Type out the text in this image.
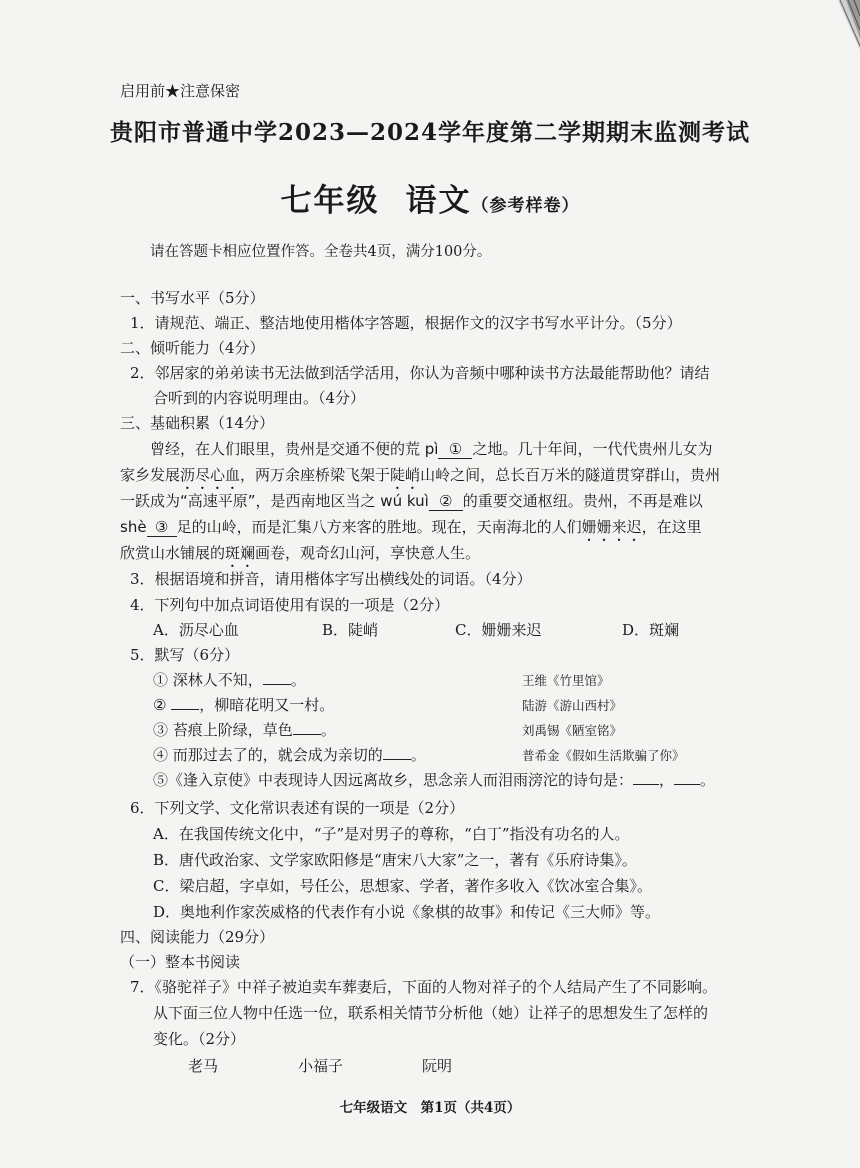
启用前★注意保密
贵阳市普通中学2023—2024学年度第二学期期末监测考试
七年级 语文（参考样卷）
请在答题卡相应位置作答。全卷共4页，满分100分。
一、书写水平（5分）
1．请规范、端正、整洁地使用楷体字答题，根据作文的汉字书写水平计分。（5分）
二、倾听能力（4分）
2．邻居家的弟弟读书无法做到活学活用，你认为音频中哪种读书方法最能帮助他？请结
合听到的内容说明理由。（4分）
三、基础积累（14分）
曾经，在人们眼里，贵州是交通不便的荒 pì ① 之地。几十年间，一代代贵州儿女为
家乡发展沥尽心血，两万余座桥梁飞架于陡峭山岭之间，总长百万米的隧道贯穿群山，贵州
一跃成为“高速平原”，是西南地区当之 wú kuì ② 的重要交通枢纽。贵州，不再是难以
shè ③ 足的山岭，而是汇集八方来客的胜地。现在，天南海北的人们姗姗来迟，在这里
欣赏山水铺展的斑斓画卷，观奇幻山河，享快意人生。
3．根据语境和拼音，请用楷体字写出横线处的词语。（4分）
4．下列句中加点词语使用有误的一项是（2分）
A．沥尽心血	B．陡峭	C．姗姗来迟	D．斑斓
5．默写（6分）
① 深林人不知， 。	王维《竹里馆》
② ，柳暗花明又一村。	陆游《游山西村》
③ 苔痕上阶绿，草色 。	刘禹锡《陋室铭》
④ 而那过去了的，就会成为亲切的 。	普希金《假如生活欺骗了你》
⑤《逢入京使》中表现诗人因远离故乡，思念亲人而泪雨滂沱的诗句是： ， 。
6．下列文学、文化常识表述有误的一项是（2分）
A．在我国传统文化中，“子”是对男子的尊称，“白丁”指没有功名的人。
B．唐代政治家、文学家欧阳修是“唐宋八大家”之一，著有《乐府诗集》。
C．梁启超，字卓如，号任公，思想家、学者，著作多收入《饮冰室合集》。
D．奥地利作家茨威格的代表作有小说《象棋的故事》和传记《三大师》等。
四、阅读能力（29分）
（一）整本书阅读
7．《骆驼祥子》中祥子被迫卖车葬妻后，下面的人物对祥子的个人结局产生了不同影响。
从下面三位人物中任选一位，联系相关情节分析他（她）让祥子的思想发生了怎样的
变化。（2分）
老马	小福子	阮明
七年级语文　第1页（共4页）
